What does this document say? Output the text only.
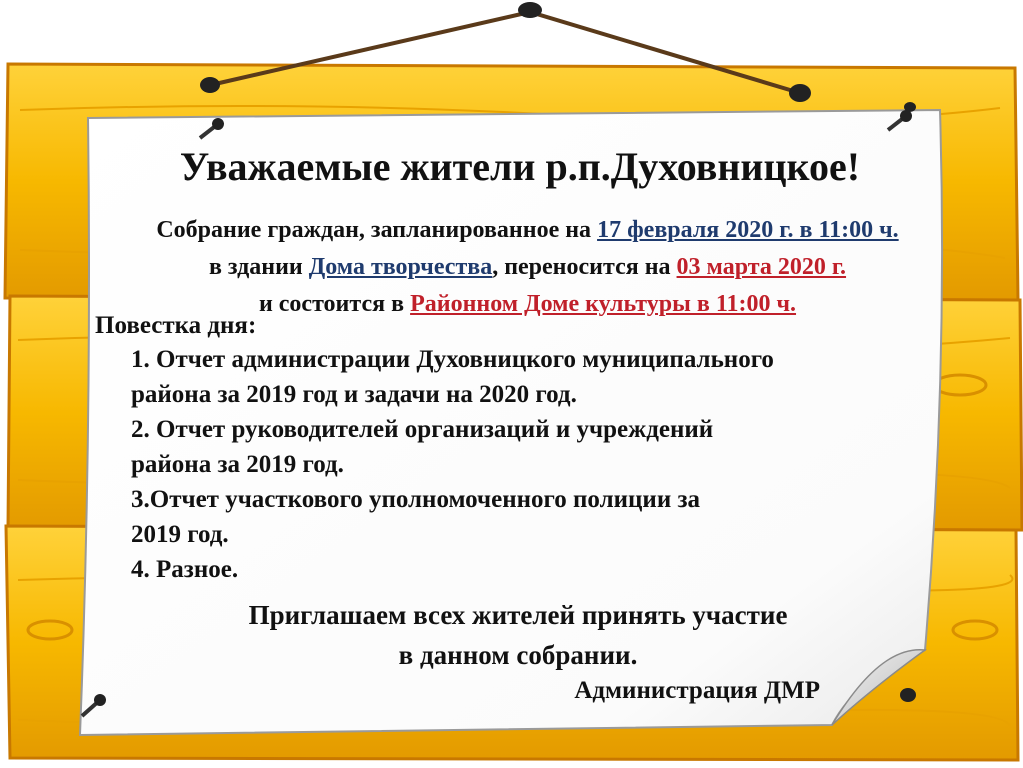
Уважаемые жители р.п.Духовницкое!
Собрание граждан, запланированное на 17 февраля 2020 г. в 11:00 ч.
в здании Дома творчества, переносится на 03 марта 2020 г.
и состоится в Районном Доме культуры в 11:00 ч.
Повестка дня:
1. Отчет администрации Духовницкого муниципального
района за 2019 год и задачи на 2020 год.
2. Отчет руководителей организаций и учреждений
района за 2019 год.
3.Отчет участкового уполномоченного полиции за
2019 год.
4. Разное.
Приглашаем всех жителей принять участие
в данном собрании.
Администрация ДМР
